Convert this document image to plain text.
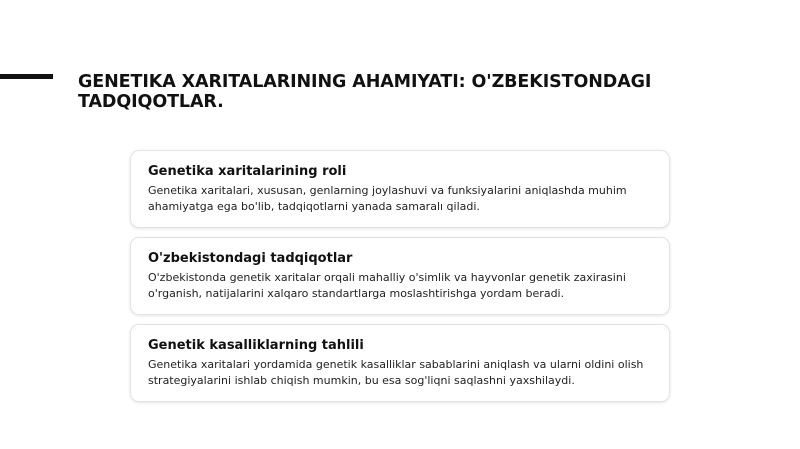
GENETIKA XARITALARINING AHAMIYATI: O'ZBEKISTONDAGI TADQIQOTLAR.
Genetika xaritalarining roli

Genetika xaritalari, xususan, genlarning joylashuvi va funksiyalarini aniqlashda muhim ahamiyatga ega bo'lib, tadqiqotlarni yanada samaralı qiladi.

O'zbekistondagi tadqiqotlar

O'zbekistonda genetik xaritalar orqali mahalliy o'simlik va hayvonlar genetik zaxirasini o'rganish, natijalarini xalqaro standartlarga moslashtirishga yordam beradi.

Genetik kasalliklarning tahlili

Genetika xaritalari yordamida genetik kasalliklar sabablarini aniqlash va ularni oldini olish strategiyalarini ishlab chiqish mumkin, bu esa sog'liqni saqlashni yaxshilaydi.
